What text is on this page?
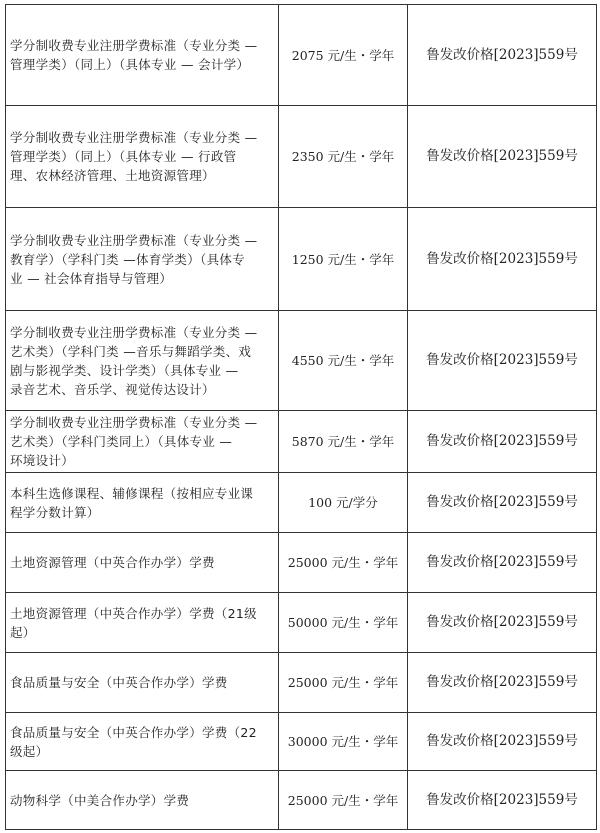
学分制收费专业注册学费标准（专业分类 —
管理学类）（同上）（具体专业 — 会计学）	2075 元/生・学年	鲁发改价格[2023]559号

学分制收费专业注册学费标准（专业分类 —
管理学类）（同上）（具体专业 — 行政管
理、农林经济管理、土地资源管理）	2350 元/生・学年	鲁发改价格[2023]559号

学分制收费专业注册学费标准（专业分类 —
教育学）（学科门类 —体育学类）（具体专
业 — 社会体育指导与管理）	1250 元/生・学年	鲁发改价格[2023]559号

学分制收费专业注册学费标准（专业分类 —
艺术类）（学科门类 —音乐与舞蹈学类、戏
剧与影视学类、设计学类）（具体专业 —
录音艺术、音乐学、视觉传达设计）	4550 元/生・学年	鲁发改价格[2023]559号

学分制收费专业注册学费标准（专业分类 —
艺术类）（学科门类同上）（具体专业 —
环境设计）	5870 元/生・学年	鲁发改价格[2023]559号

本科生选修课程、辅修课程（按相应专业课
程学分数计算）	100 元/学分	鲁发改价格[2023]559号

土地资源管理（中英合作办学）学费	25000 元/生・学年	鲁发改价格[2023]559号

土地资源管理（中英合作办学）学费（21级
起）	50000 元/生・学年	鲁发改价格[2023]559号

食品质量与安全（中英合作办学）学费	25000 元/生・学年	鲁发改价格[2023]559号

食品质量与安全（中英合作办学）学费（22
级起）	30000 元/生・学年	鲁发改价格[2023]559号

动物科学（中美合作办学）学费	25000 元/生・学年	鲁发改价格[2023]559号
